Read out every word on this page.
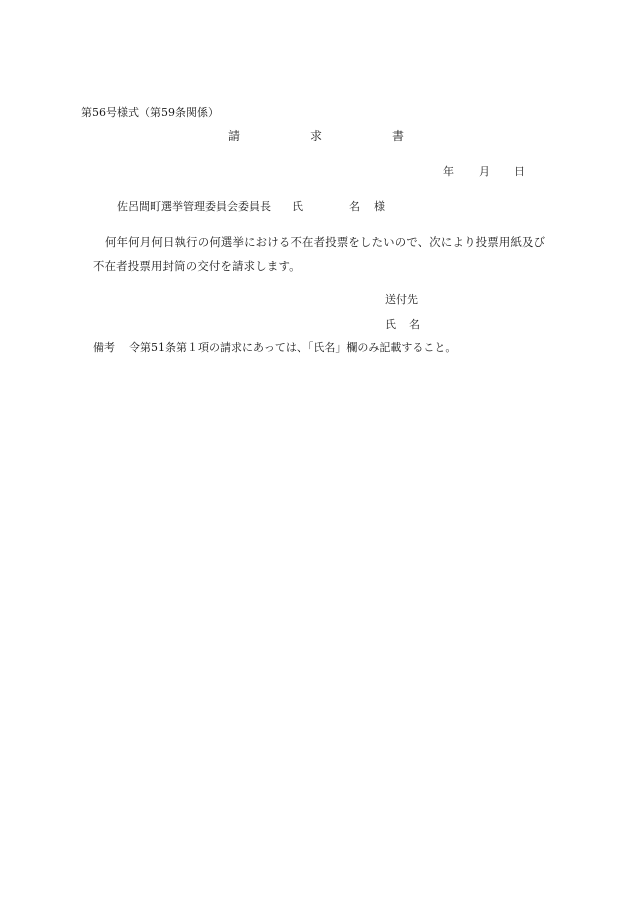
第56号様式（第59条関係）
請	求	書
年 月 日
佐呂間町選挙管理委員会委員長 氏	名 様
何年何月何日執行の何選挙における不在者投票をしたいので、次により投票用紙及び
不在者投票用封筒の交付を請求します。
送付先
氏 名
備考 令第51条第１項の請求にあっては、「氏名」欄のみ記載すること。
